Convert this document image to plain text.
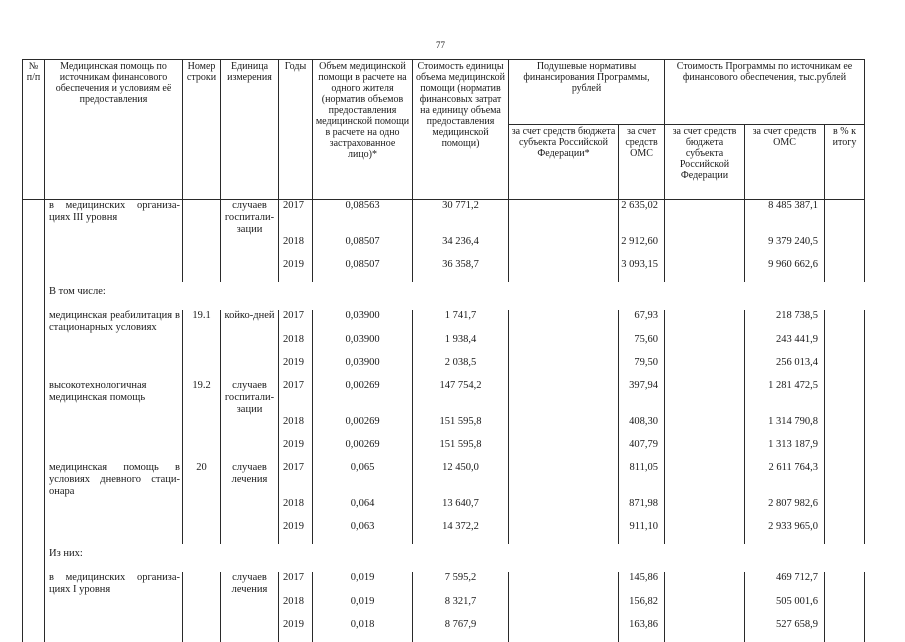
77
№ п/п	Медицинская помощь по источникам финансового обеспечения и условиям её предоставления	Номер строки	Единица измерения	Годы	Объем медицинской помощи в расчете на одного жителя (норматив объемов предоставления медицинской помощи в расчете на одно застрахованное лицо)*	Стоимость единицы объема медицинской помощи (норматив финансовых затрат на единицу объема предоставления медицинской помощи)	Подушевые нормативы финансирования Программы, рублей		Стоимость Программы по источникам ее финансового обеспечения, тыс.рублей		
							за счет средств бюджета субъекта Российской Федерации*	за счет средств ОМС	за счет средств бюджета субъекта Российской Федерации	за счет средств ОМС	в % к итогу
	в медицинских организа-циях III уровня		случаев госпитали-зации	2017	0,08563	30 771,2		2 635,02		8 485 387,1	
				2018	0,08507	34 236,4		2 912,60		9 379 240,5	
				2019	0,08507	36 358,7		3 093,15		9 960 662,6	
	В том числе:										
	медицинская реабилитация в стационарных условиях	19.1	койко-дней	2017	0,03900	1 741,7		67,93		218 738,5	
				2018	0,03900	1 938,4		75,60		243 441,9	
				2019	0,03900	2 038,5		79,50		256 013,4	
	высокотехнологичная медицинская помощь	19.2	случаев госпитали-зации	2017	0,00269	147 754,2		397,94		1 281 472,5	
				2018	0,00269	151 595,8		408,30		1 314 790,8	
				2019	0,00269	151 595,8		407,79		1 313 187,9	
	медицинская помощь в условиях дневного стаци-онара	20	случаев лечения	2017	0,065	12 450,0		811,05		2 611 764,3	
				2018	0,064	13 640,7		871,98		2 807 982,6	
				2019	0,063	14 372,2		911,10		2 933 965,0	
	Из них:										
	в медицинских организа-циях I уровня		случаев лечения	2017	0,019	7 595,2		145,86		469 712,7	
				2018	0,019	8 321,7		156,82		505 001,6	
				2019	0,018	8 767,9		163,86		527 658,9	
